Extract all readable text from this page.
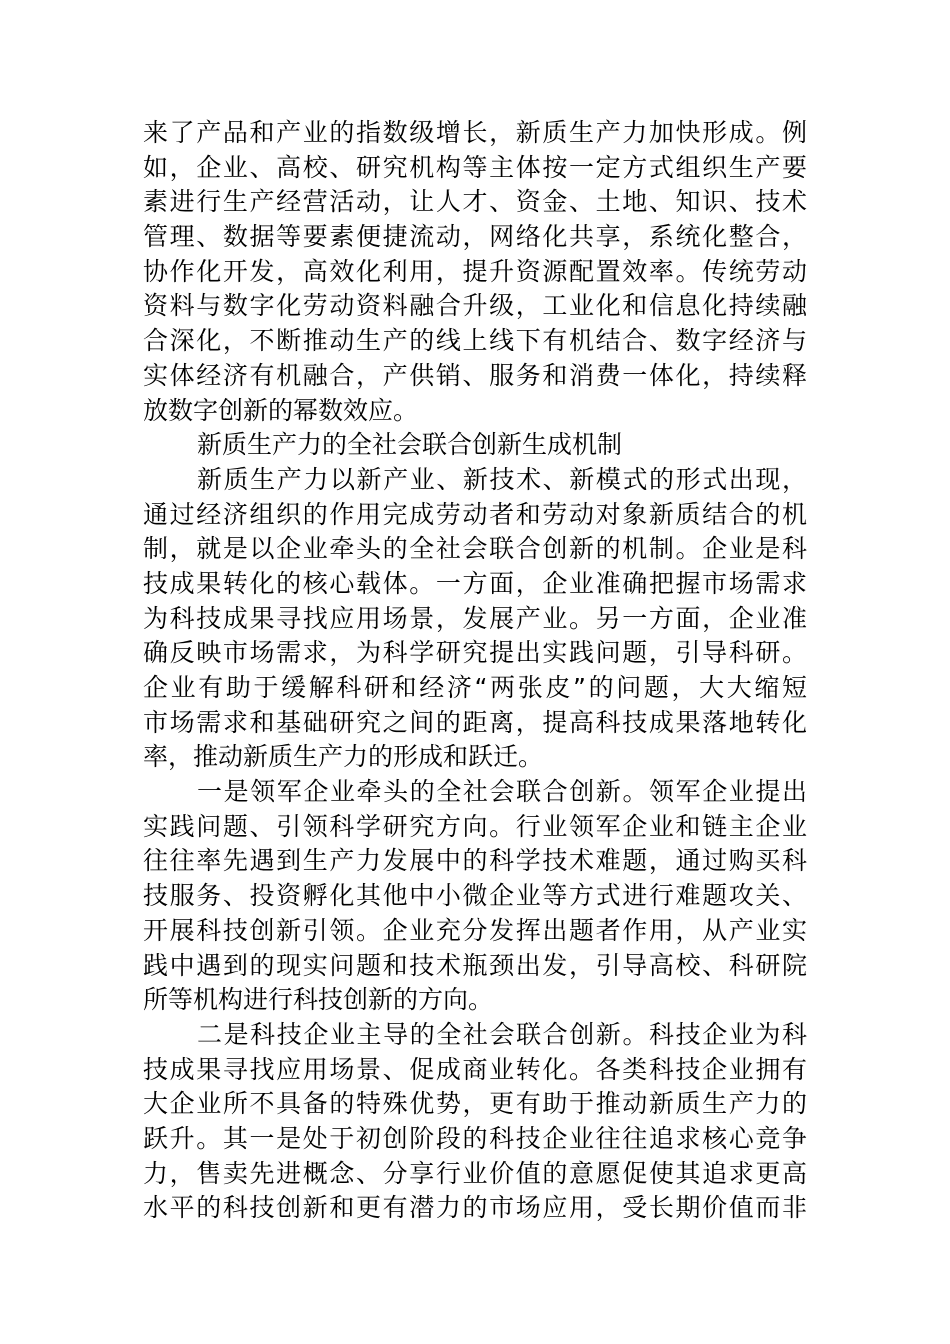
来了产品和产业的指数级增长，新质生产力加快形成。例
如，企业、高校、研究机构等主体按一定方式组织生产要
素进行生产经营活动，让人才、资金、土地、知识、技术
管理、数据等要素便捷流动，网络化共享，系统化整合，
协作化开发，高效化利用，提升资源配置效率。传统劳动
资料与数字化劳动资料融合升级，工业化和信息化持续融
合深化，不断推动生产的线上线下有机结合、数字经济与
实体经济有机融合，产供销、服务和消费一体化，持续释
放数字创新的幂数效应。
新质生产力的全社会联合创新生成机制
新质生产力以新产业、新技术、新模式的形式出现，
通过经济组织的作用完成劳动者和劳动对象新质结合的机
制，就是以企业牵头的全社会联合创新的机制。企业是科
技成果转化的核心载体。一方面，企业准确把握市场需求
为科技成果寻找应用场景，发展产业。另一方面，企业准
确反映市场需求，为科学研究提出实践问题，引导科研。
企业有助于缓解科研和经济“两张皮”的问题，大大缩短
市场需求和基础研究之间的距离，提高科技成果落地转化
率，推动新质生产力的形成和跃迁。
一是领军企业牵头的全社会联合创新。领军企业提出
实践问题、引领科学研究方向。行业领军企业和链主企业
往往率先遇到生产力发展中的科学技术难题，通过购买科
技服务、投资孵化其他中小微企业等方式进行难题攻关、
开展科技创新引领。企业充分发挥出题者作用，从产业实
践中遇到的现实问题和技术瓶颈出发，引导高校、科研院
所等机构进行科技创新的方向。
二是科技企业主导的全社会联合创新。科技企业为科
技成果寻找应用场景、促成商业转化。各类科技企业拥有
大企业所不具备的特殊优势，更有助于推动新质生产力的
跃升。其一是处于初创阶段的科技企业往往追求核心竞争
力，售卖先进概念、分享行业价值的意愿促使其追求更高
水平的科技创新和更有潜力的市场应用，受长期价值而非
